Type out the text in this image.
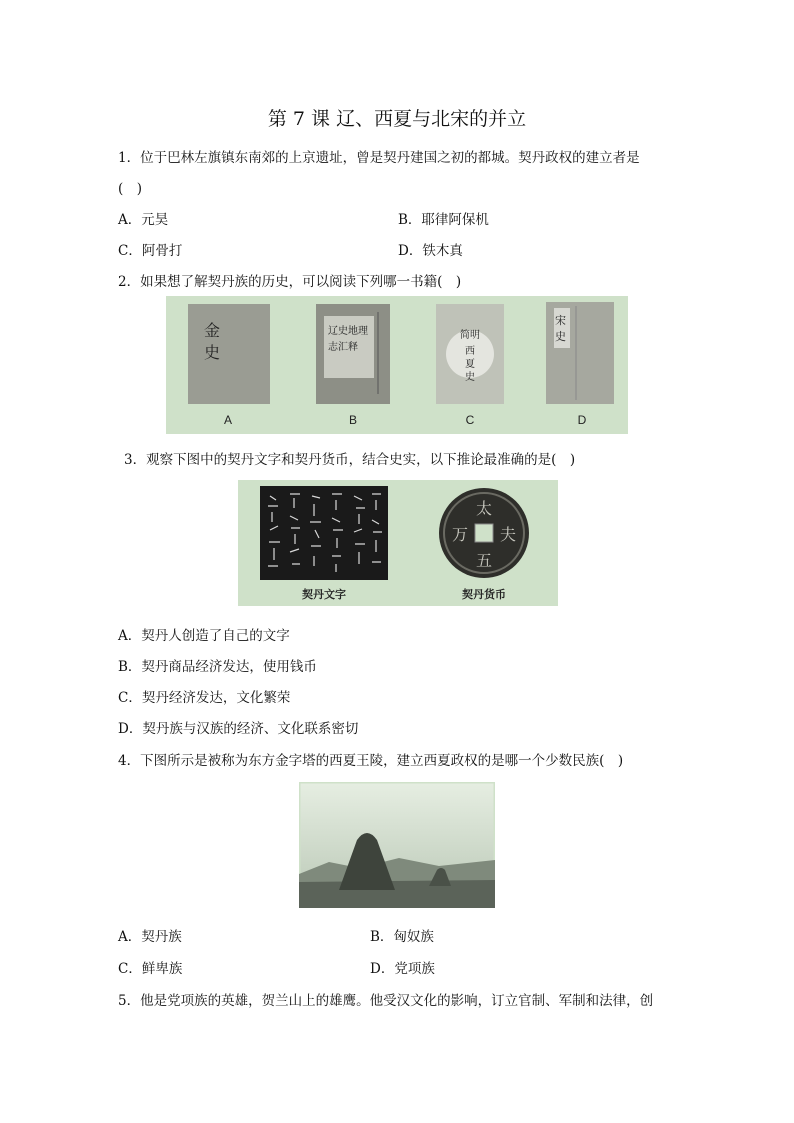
第 7 课 辽、西夏与北宋的并立
1．位于巴林左旗镇东南郊的上京遗址，曾是契丹建国之初的都城。契丹政权的建立者是
(　)
A．元昊	B．耶律阿保机
C．阿骨打	D．铁木真
2．如果想了解契丹族的历史，可以阅读下列哪一书籍(　)
金
史
辽史地理
志汇释
简明
西
夏
史
宋
史
A	B	C	D
3．观察下图中的契丹文字和契丹货币，结合史实，以下推论最准确的是(　)
太
夫
万
五
契丹文字	契丹货币
A．契丹人创造了自己的文字
B．契丹商品经济发达，使用钱币
C．契丹经济发达，文化繁荣
D．契丹族与汉族的经济、文化联系密切
4．下图所示是被称为东方金字塔的西夏王陵，建立西夏政权的是哪一个少数民族(　)
A．契丹族	B．匈奴族
C．鲜卑族	D．党项族
5．他是党项族的英雄，贺兰山上的雄鹰。他受汉文化的影响，订立官制、军制和法律，创
